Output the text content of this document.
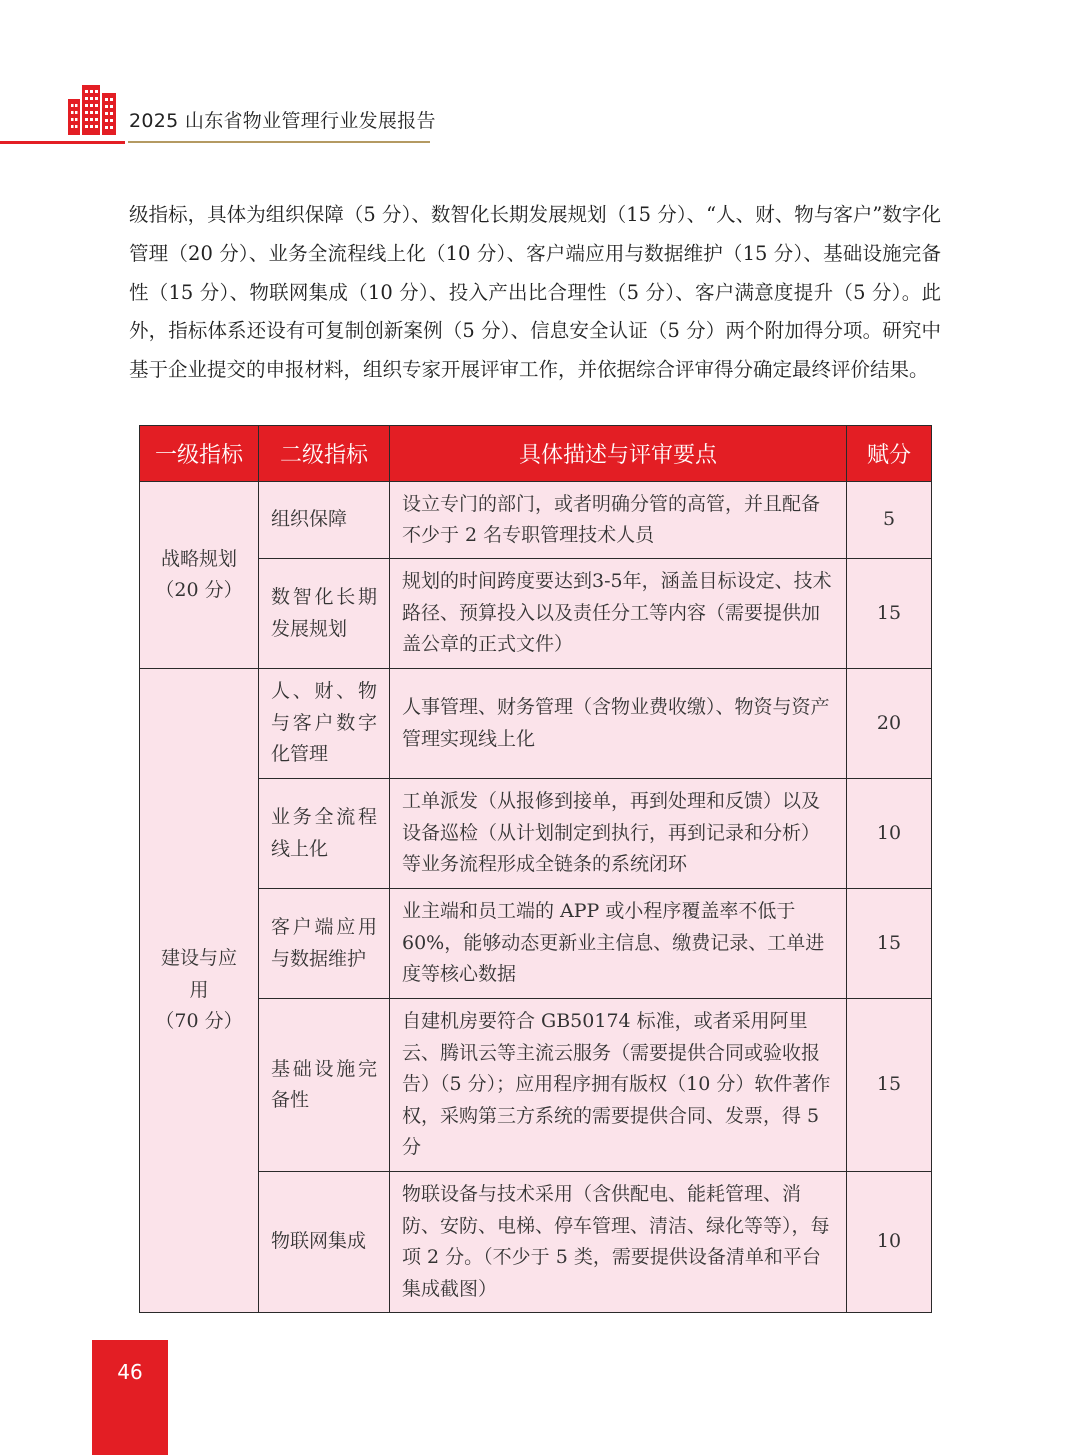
2025 山东省物业管理行业发展报告
级指标，具体为组织保障（5 分）、数智化长期发展规划（15 分）、“人、财、物与客户”数字化管理（20 分）、业务全流程线上化（10 分）、客户端应用与数据维护（15 分）、基础设施完备性（15 分）、物联网集成（10 分）、投入产出比合理性（5 分）、客户满意度提升（5 分）。此外，指标体系还设有可复制创新案例（5 分）、信息安全认证（5 分）两个附加得分项。研究中基于企业提交的申报材料，组织专家开展评审工作，并依据综合评审得分确定最终评价结果。
一级指标	二级指标	具体描述与评审要点	赋分

战略规划
（20 分）	组织保障	设立专门的部门，或者明确分管的高管，并且配备不少于 2 名专职管理技术人员	5
	数智化长期发展规划	规划的时间跨度要达到3-5年，涵盖目标设定、技术路径、预算投入以及责任分工等内容（需要提供加盖公章的正式文件）	15

建设与应
用
（70 分）	人、财、物与客户数字化管理	人事管理、财务管理（含物业费收缴）、物资与资产管理实现线上化	20
	业务全流程线上化	工单派发（从报修到接单，再到处理和反馈）以及设备巡检（从计划制定到执行，再到记录和分析）等业务流程形成全链条的系统闭环	10
	客户端应用与数据维护	业主端和员工端的 APP 或小程序覆盖率不低于 60%，能够动态更新业主信息、缴费记录、工单进度等核心数据	15
	基础设施完备性	自建机房要符合 GB50174 标准，或者采用阿里云、腾讯云等主流云服务（需要提供合同或验收报告）（5 分）；应用程序拥有版权（10 分）软件著作权，采购第三方系统的需要提供合同、发票，得 5 分	15
	物联网集成	物联设备与技术采用（含供配电、能耗管理、消防、安防、电梯、停车管理、清洁、绿化等等），每项 2 分。（不少于 5 类，需要提供设备清单和平台集成截图）	10
46
